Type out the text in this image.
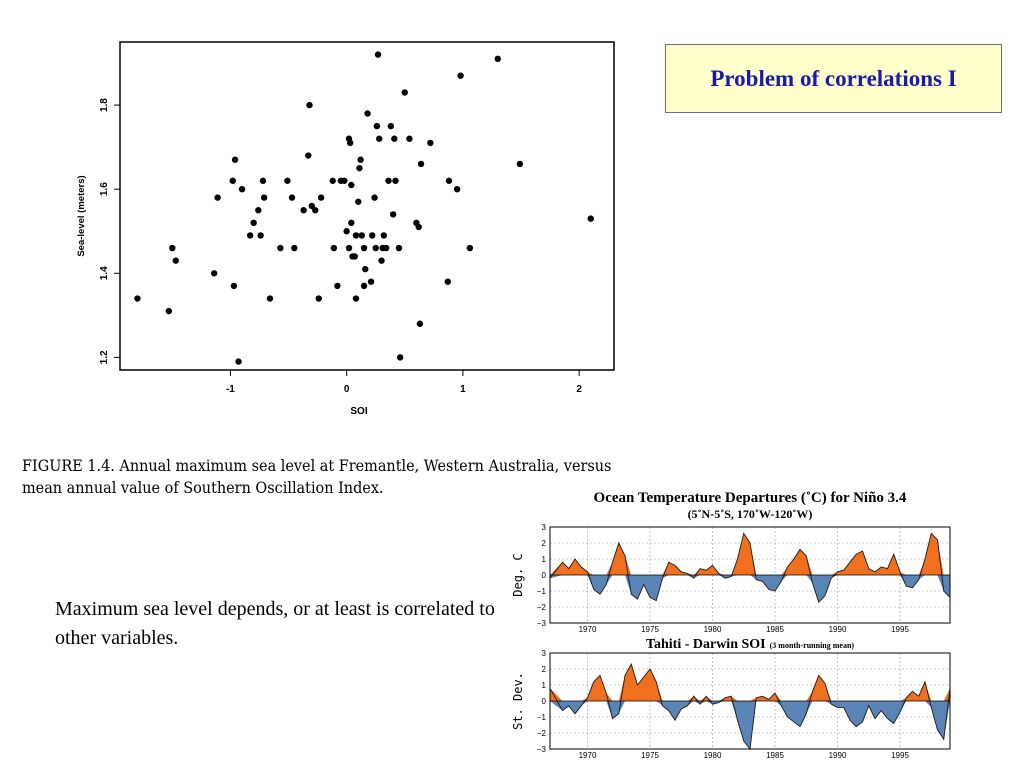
Problem of correlations I
-1	0	1	2
1.2
1.4
1.6
1.8
SOI
Sea-level (meters)
FIGURE 1.4. Annual maximum sea level at Fremantle, Western Australia, versus
mean annual value of Southern Oscillation Index.
Maximum sea level depends, or at least is correlated to other variables.
Ocean Temperature Departures (˚C) for Niño 3.4
(5˚N-5˚S, 170˚W-120˚W)
Tahiti - Darwin SOI (3 month-running mean)
3
2
1
0
−1
−2
−3
1970	1975	1980	1985	1990	1995
Deg. C
3
2
1
0
−1
−2
−3
1970	1975	1980	1985	1990	1995
St. Dev.
